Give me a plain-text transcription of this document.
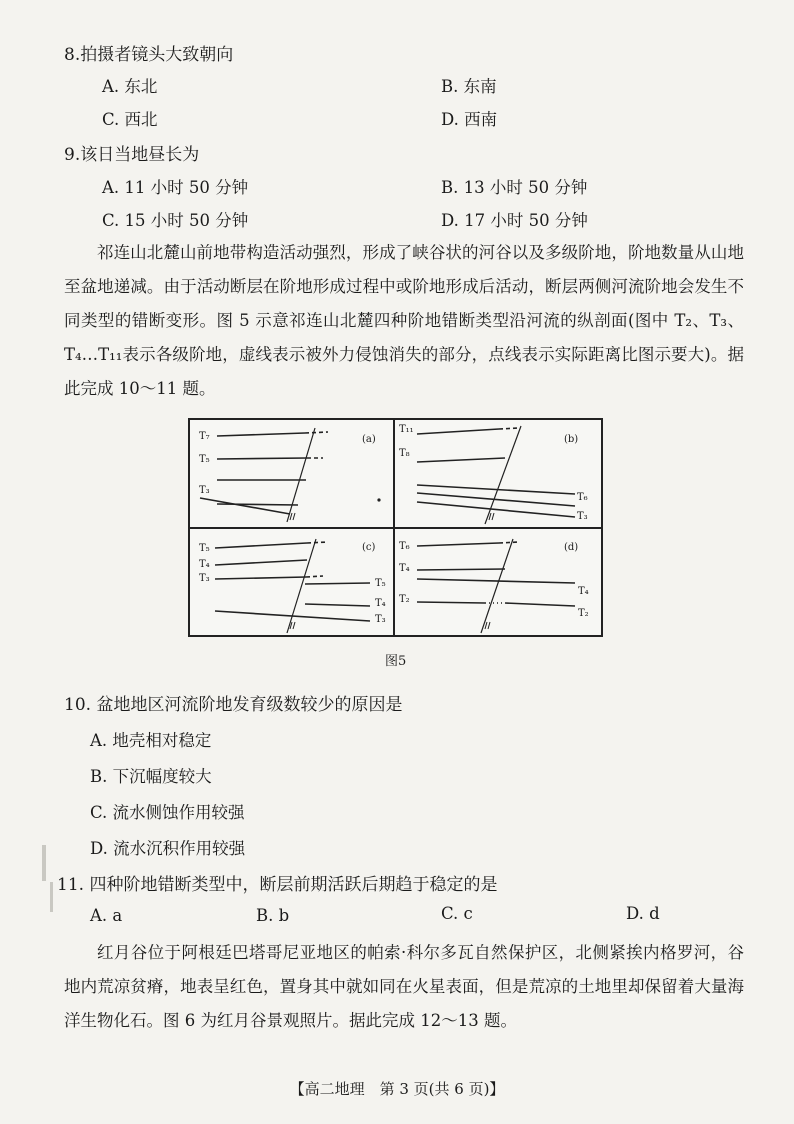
8.拍摄者镜头大致朝向
A. 东北	B. 东南
C. 西北	D. 西南
9.该日当地昼长为
A. 11 小时 50 分钟	B. 13 小时 50 分钟
C. 15 小时 50 分钟	D. 17 小时 50 分钟
祁连山北麓山前地带构造活动强烈，形成了峡谷状的河谷以及多级阶地，阶地数量从山地至盆地递减。由于活动断层在阶地形成过程中或阶地形成后活动，断层两侧河流阶地会发生不同类型的错断变形。图 5 示意祁连山北麓四种阶地错断类型沿河流的纵剖面(图中 T₂、T₃、T₄…T₁₁表示各级阶地，虚线表示被外力侵蚀消失的部分，点线表示实际距离比图示要大)。据此完成 10～11 题。
(a)
T₇
T₅
T₃
(b)
T₁₁
T₈
T₆
T₃
(c)
T₅
T₄
T₃	T₅
T₄
T₃
(d)
T₆
T₄
T₂
T₄
T₂
图5
10. 盆地地区河流阶地发育级数较少的原因是
A. 地壳相对稳定
B. 下沉幅度较大
C. 流水侧蚀作用较强
D. 流水沉积作用较强
11. 四种阶地错断类型中，断层前期活跃后期趋于稳定的是
A. a	B. b	C. c	D. d
红月谷位于阿根廷巴塔哥尼亚地区的帕索·科尔多瓦自然保护区，北侧紧挨内格罗河，谷地内荒凉贫瘠，地表呈红色，置身其中就如同在火星表面，但是荒凉的土地里却保留着大量海洋生物化石。图 6 为红月谷景观照片。据此完成 12～13 题。
【高二地理　第 3 页(共 6 页)】
